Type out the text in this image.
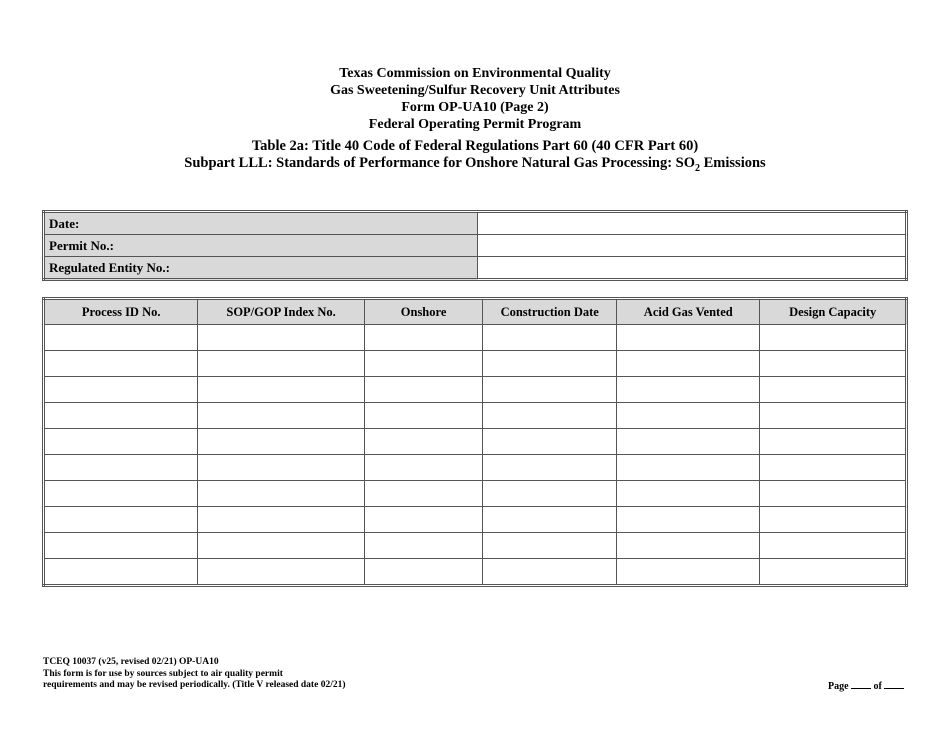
Texas Commission on Environmental Quality
Gas Sweetening/Sulfur Recovery Unit Attributes
Form OP-UA10 (Page 2)
Federal Operating Permit Program
Table 2a: Title 40 Code of Federal Regulations Part 60 (40 CFR Part 60)
Subpart LLL: Standards of Performance for Onshore Natural Gas Processing: $SO_2$ Emissions
Date:	
Permit No.:	
Regulated Entity No.:	
Process ID No.	SOP/GOP Index No.	Onshore	Construction Date	Acid Gas Vented	Design Capacity

TCEQ 10037 (v25, revised 02/21) OP-UA10
This form is for use by sources subject to air quality permit
requirements and may be revised periodically. (Title V released date 02/21)	Page	of
